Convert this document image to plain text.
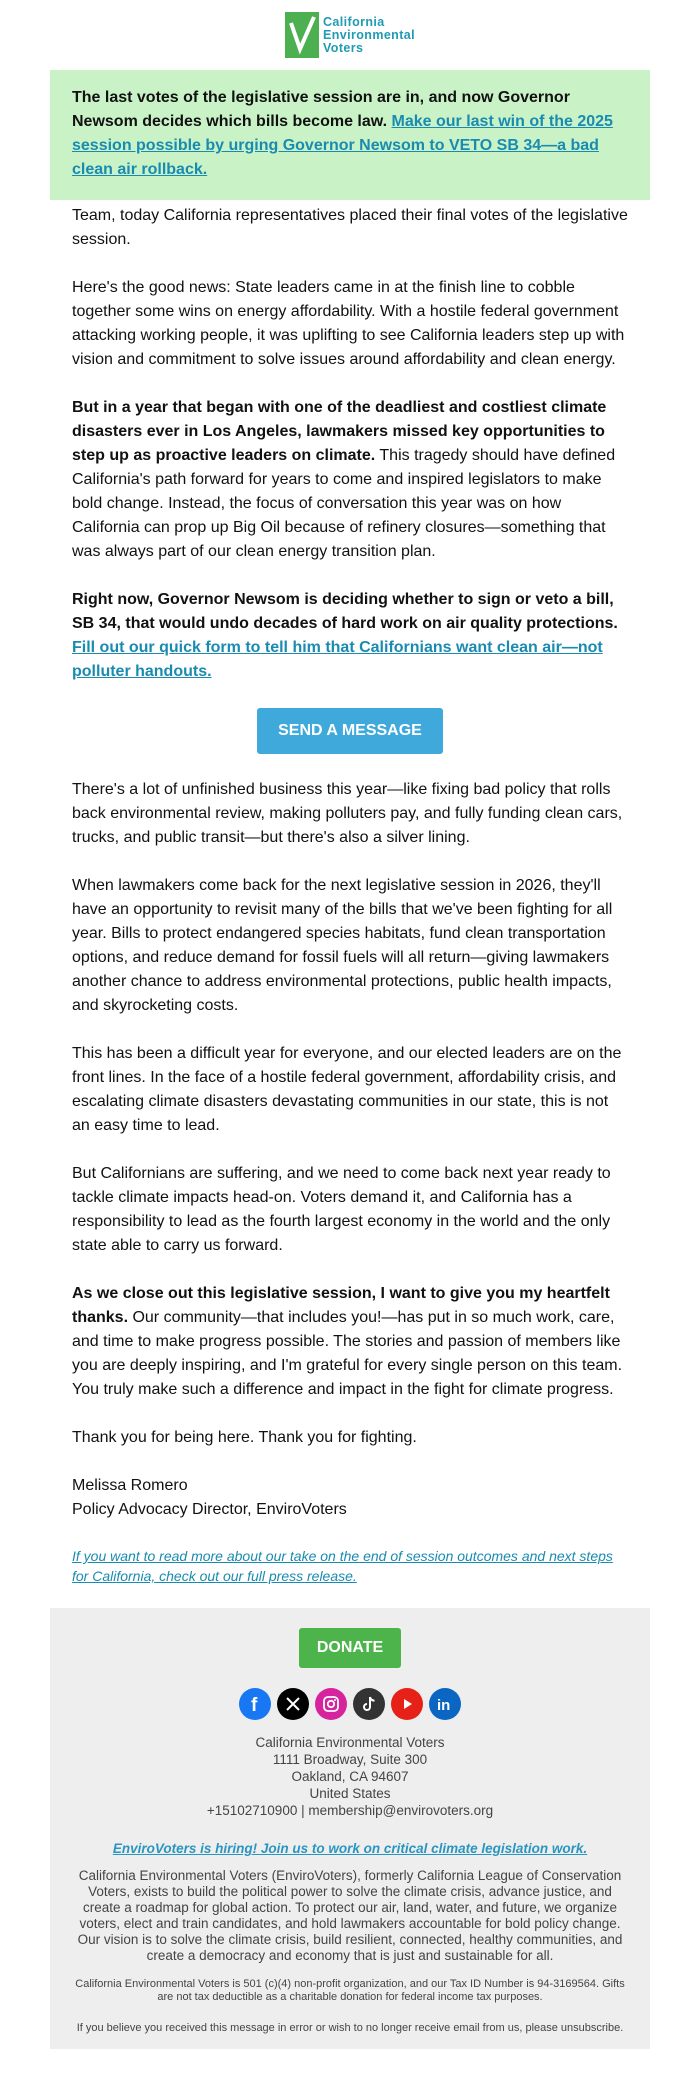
California
Environmental
Voters
The last votes of the legislative session are in, and now Governor Newsom decides which bills become law. Make our last win of the 2025 session possible by urging Governor Newsom to VETO SB 34—a bad clean air rollback.

Team, today California representatives placed their final votes of the legislative session.

Here's the good news: State leaders came in at the finish line to cobble together some wins on energy affordability. With a hostile federal government attacking working people, it was uplifting to see California leaders step up with vision and commitment to solve issues around affordability and clean energy.

But in a year that began with one of the deadliest and costliest climate disasters ever in Los Angeles, lawmakers missed key opportunities to step up as proactive leaders on climate. This tragedy should have defined California's path forward for years to come and inspired legislators to make bold change. Instead, the focus of conversation this year was on how California can prop up Big Oil because of refinery closures—something that was always part of our clean energy transition plan.

Right now, Governor Newsom is deciding whether to sign or veto a bill, SB 34, that would undo decades of hard work on air quality protections.
Fill out our quick form to tell him that Californians want clean air—not polluter handouts.

SEND A MESSAGE

There's a lot of unfinished business this year—like fixing bad policy that rolls back environmental review, making polluters pay, and fully funding clean cars, trucks, and public transit—but there's also a silver lining.

When lawmakers come back for the next legislative session in 2026, they'll have an opportunity to revisit many of the bills that we've been fighting for all year. Bills to protect endangered species habitats, fund clean transportation options, and reduce demand for fossil fuels will all return—giving lawmakers another chance to address environmental protections, public health impacts, and skyrocketing costs.

This has been a difficult year for everyone, and our elected leaders are on the front lines. In the face of a hostile federal government, affordability crisis, and escalating climate disasters devastating communities in our state, this is not an easy time to lead.

But Californians are suffering, and we need to come back next year ready to tackle climate impacts head-on. Voters demand it, and California has a responsibility to lead as the fourth largest economy in the world and the only state able to carry us forward.

As we close out this legislative session, I want to give you my heartfelt thanks. Our community—that includes you!—has put in so much work, care, and time to make progress possible. The stories and passion of members like you are deeply inspiring, and I'm grateful for every single person on this team. You truly make such a difference and impact in the fight for climate progress.

Thank you for being here. Thank you for fighting.

Melissa Romero
Policy Advocacy Director, EnviroVoters

If you want to read more about our take on the end of session outcomes and next steps for California, check out our full press release.
DONATE
f	in
California Environmental Voters
1111 Broadway, Suite 300
Oakland, CA 94607
United States
+15102710900 | membership@envirovoters.org
EnviroVoters is hiring! Join us to work on critical climate legislation work.

California Environmental Voters (EnviroVoters), formerly California League of Conservation Voters, exists to build the political power to solve the climate crisis, advance justice, and create a roadmap for global action. To protect our air, land, water, and future, we organize voters, elect and train candidates, and hold lawmakers accountable for bold policy change. Our vision is to solve the climate crisis, build resilient, connected, healthy communities, and create a democracy and economy that is just and sustainable for all.

California Environmental Voters is 501 (c)(4) non-profit organization, and our Tax ID Number is 94-3169564. Gifts are not tax deductible as a charitable donation for federal income tax purposes.

If you believe you received this message in error or wish to no longer receive email from us, please unsubscribe.
